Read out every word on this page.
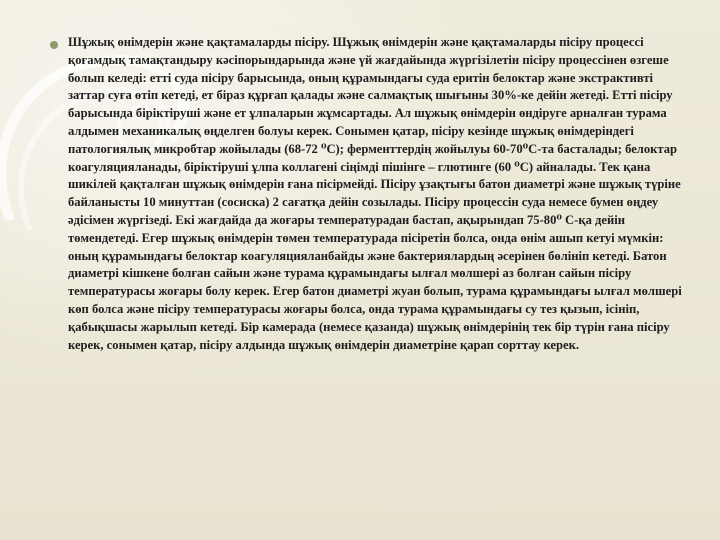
Шұжық өнімдерін және қақтамаларды пісіру. Шұжық өнімдерін және қақтамаларды пісіру процессі қоғамдық тамақтандыру кәсіпорындарында және үй жағдайында жүргізілетін пісіру процессінен өзгеше болып келеді: етті суда пісіру барысында, оның құрамындағы суда еритін белоктар және экстрактивті заттар суға өтіп кетеді, ет біраз құрғап қалады және салмақтық шығыны 30%-ке дейін жетеді. Етті пісіру барысында біріктіруші және ет ұлпаларын жұмсартады. Ал шұжық өнімдерін өндіруге арналған турама алдымен механикалық өңделген болуы керек. Сонымен қатар, пісіру кезінде шұжық өнімдеріндегі патологиялық микробтар жойылады (68-72 ⁰С); ферменттердің жойылуы 60-70⁰С-та басталады; белоктар коагуляцияланады, біріктіруші ұлпа коллагені сіңімді пішінге – глютинге (60 ⁰С) айналады. Тек қана шикілей қақталған шұжық өнімдерін ғана пісірмейді. Пісіру ұзақтығы батон диаметрі және шұжық түріне байланысты 10 минуттан (сосиска) 2 сағатқа дейін созылады. Пісіру процессін суда немесе бумен өңдеу әдісімен жүргізеді. Екі жағдайда да жоғары температурадан бастап, ақырындап 75-80⁰ С-қа дейін төмендетеді. Егер шұжық өнімдерін төмен температурада пісіретін болса, онда өнім ашып кетуі мүмкін: оның құрамындағы белоктар коагуляцияланбайды және бактериялардың әсерінен бөлініп кетеді. Батон диаметрі кішкене болған сайын және турама құрамындағы ылғал мөлшері аз болған сайын пісіру температурасы жоғары болу керек. Егер батон диаметрі жуан болып, турама құрамындағы ылғал мөлшері көп болса және пісіру температурасы жоғары болса, онда турама құрамындағы су тез қызып, ісініп, қабықшасы жарылып кетеді. Бір камерада (немесе қазанда) шұжық өнімдерінің тек бір түрін ғана пісіру керек, сонымен қатар, пісіру алдында шұжық өнімдерін диаметріне қарап сорттау керек.
